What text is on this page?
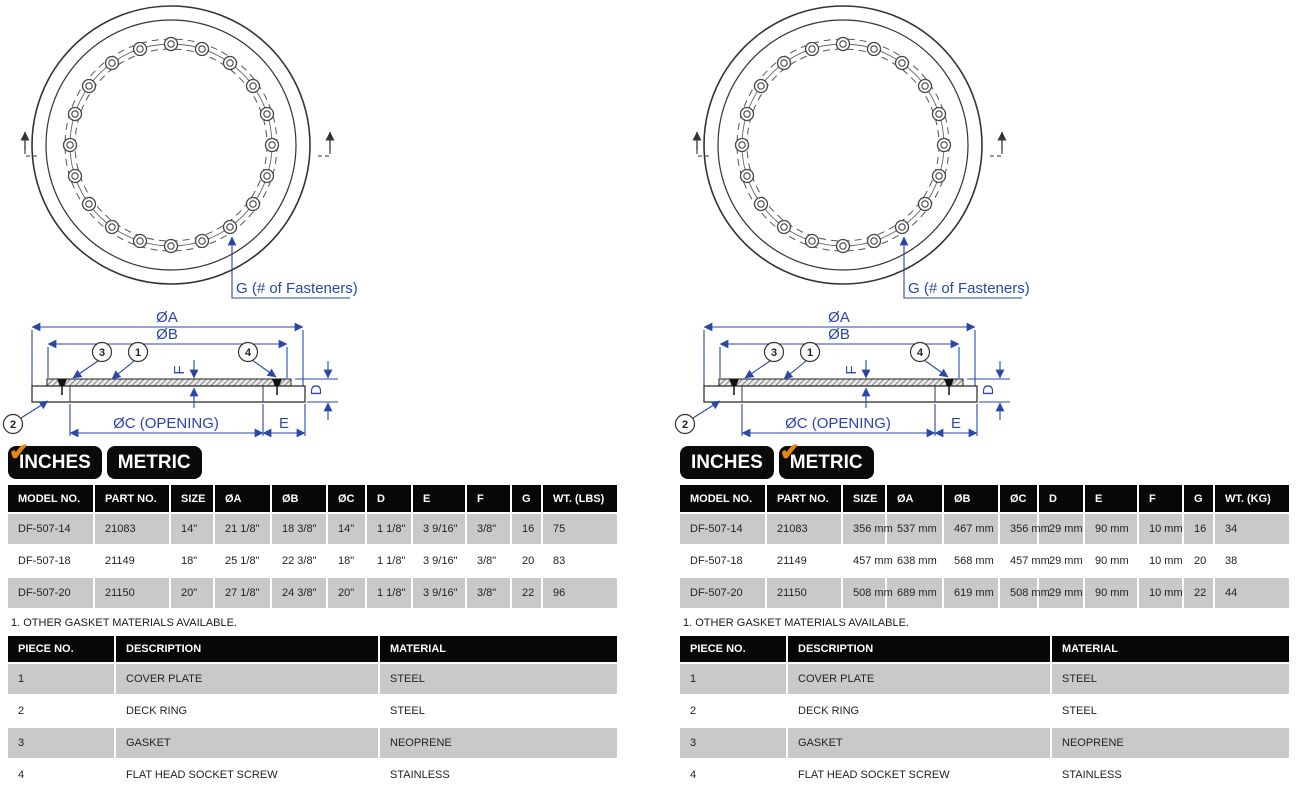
G (# of Fasteners)
ØA
ØB
3	1	4
2
F
D
ØC (OPENING)	E
✔
INCHES	METRIC
MODEL NO.	PART NO.	SIZE	ØA	ØB	ØC	D	E	F	G	WT. (LBS)
DF-507-14	21083	14"	21 1/8"	18 3/8"	14"	1 1/8"	3 9/16"	3/8"	16	75
DF-507-18	21149	18"	25 1/8"	22 3/8"	18"	1 1/8"	3 9/16"	3/8"	20	83
DF-507-20	21150	20"	27 1/8"	24 3/8"	20"	1 1/8"	3 9/16"	3/8"	22	96
1. OTHER GASKET MATERIALS AVAILABLE.
PIECE NO.	DESCRIPTION	MATERIAL
1	COVER PLATE	STEEL
2	DECK RING	STEEL
3	GASKET	NEOPRENE
4	FLAT HEAD SOCKET SCREW	STAINLESS
G (# of Fasteners)
ØA
ØB
3	1	4
2
F
D
ØC (OPENING)	E
INCHES ✔
METRIC
MODEL NO.	PART NO.	SIZE	ØA	ØB	ØC	D	E	F	G	WT. (KG)
DF-507-14	21083	356 mm	537 mm	467 mm	356 mm	29 mm	90 mm	10 mm	16	34
DF-507-18	21149	457 mm	638 mm	568 mm	457 mm	29 mm	90 mm	10 mm	20	38
DF-507-20	21150	508 mm	689 mm	619 mm	508 mm	29 mm	90 mm	10 mm	22	44
1. OTHER GASKET MATERIALS AVAILABLE.
PIECE NO.	DESCRIPTION	MATERIAL
1	COVER PLATE	STEEL
2	DECK RING	STEEL
3	GASKET	NEOPRENE
4	FLAT HEAD SOCKET SCREW	STAINLESS
